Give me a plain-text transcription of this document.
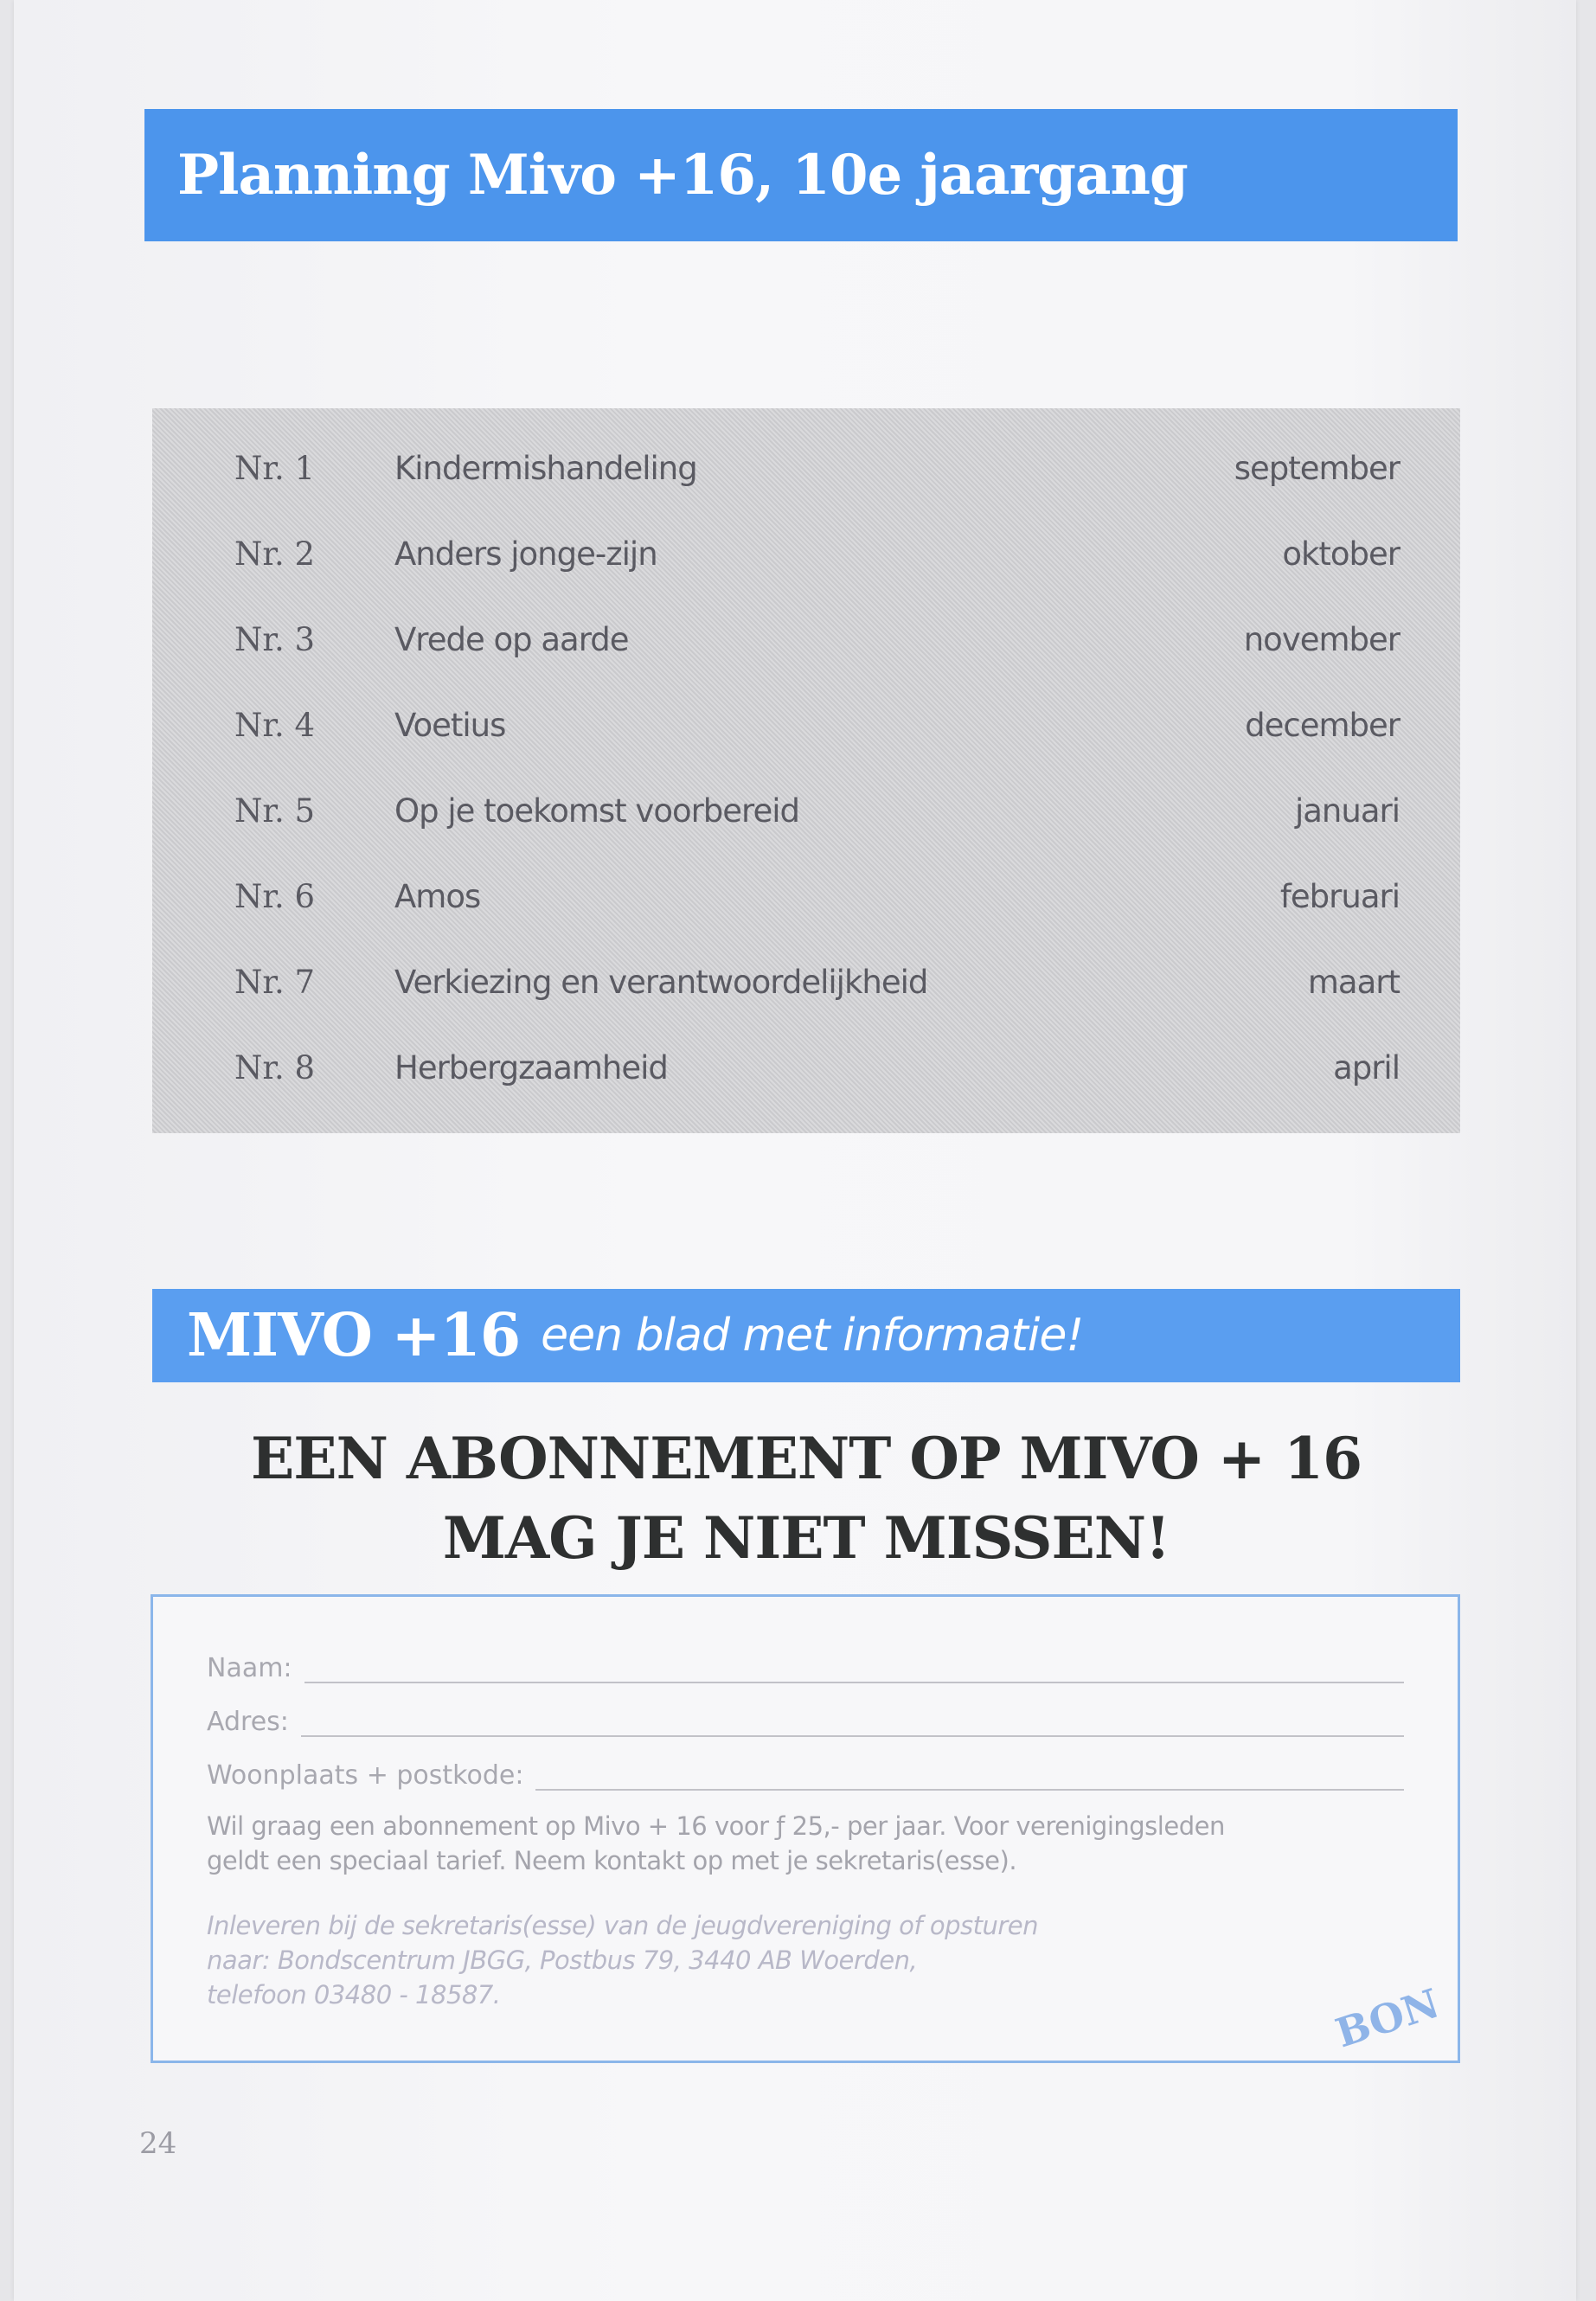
Planning Mivo +16, 10e jaargang
Nr. 1 Kindermishandeling	september
Nr. 2 Anders jonge-zijn	oktober
Nr. 3 Vrede op aarde	november
Nr. 4 Voetius	december
Nr. 5 Op je toekomst voorbereid	januari
Nr. 6 Amos	februari
Nr. 7 Verkiezing en verantwoordelijkheid	maart
Nr. 8 Herbergzaamheid	april
MIVO +16 een blad met informatie!
EEN ABONNEMENT OP MIVO + 16
MAG JE NIET MISSEN!
Naam:
Adres:
Woonplaats + postkode:
Wil graag een abonnement op Mivo + 16 voor ƒ 25,- per jaar. Voor verenigingsleden
geldt een speciaal tarief. Neem kontakt op met je sekretaris(esse).
Inleveren bij de sekretaris(esse) van de jeugdvereniging of opsturen
naar: Bondscentrum JBGG, Postbus 79, 3440 AB Woerden,
telefoon 03480 - 18587.	BON
24
